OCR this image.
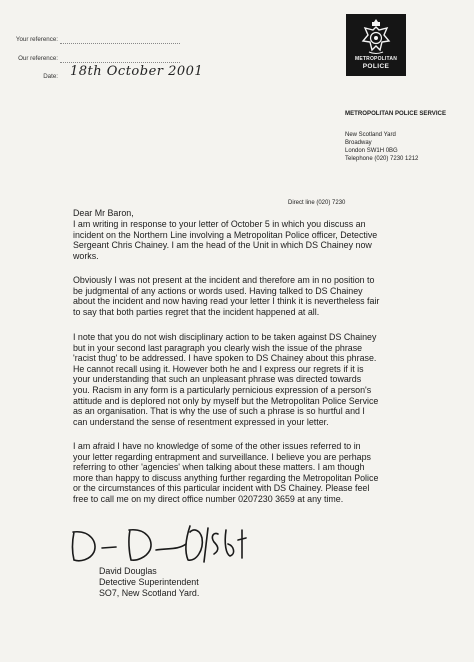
Your reference:
Our reference:
Date: 18th October 2001
METROPOLITAN
POLICE
METROPOLITAN POLICE SERVICE
New Scotland Yard
Broadway
London SW1H 0BG
Telephone (020) 7230 1212
Direct line (020) 7230
Dear Mr Baron,
I am writing in response to your letter of October 5 in which you discuss an
incident on the Northern Line involving a Metropolitan Police officer, Detective
Sergeant Chris Chainey. I am the head of the Unit in which DS Chainey now
works.
Obviously I was not present at the incident and therefore am in no position to
be judgmental of any actions or words used. Having talked to DS Chainey
about the incident and now having read your letter I think it is nevertheless fair
to say that both parties regret that the incident happened at all.
I note that you do not wish disciplinary action to be taken against DS Chainey
but in your second last paragraph you clearly wish the issue of the phrase
'racist thug' to be addressed. I have spoken to DS Chainey about this phrase.
He cannot recall using it. However both he and I express our regrets if it is
your understanding that such an unpleasant phrase was directed towards
you. Racism in any form is a particularly pernicious expression of a person's
attitude and is deplored not only by myself but the Metropolitan Police Service
as an organisation. That is why the use of such a phrase is so hurtful and I
can understand the sense of resentment expressed in your letter.
I am afraid I have no knowledge of some of the other issues referred to in
your letter regarding entrapment and surveillance. I believe you are perhaps
referring to other 'agencies' when talking about these matters. I am though
more than happy to discuss anything further regarding the Metropolitan Police
or the circumstances of this particular incident with DS Chainey. Please feel
free to call me on my direct office number 0207230 3659 at any time.
David Douglas
Detective Superintendent
SO7, New Scotland Yard.
